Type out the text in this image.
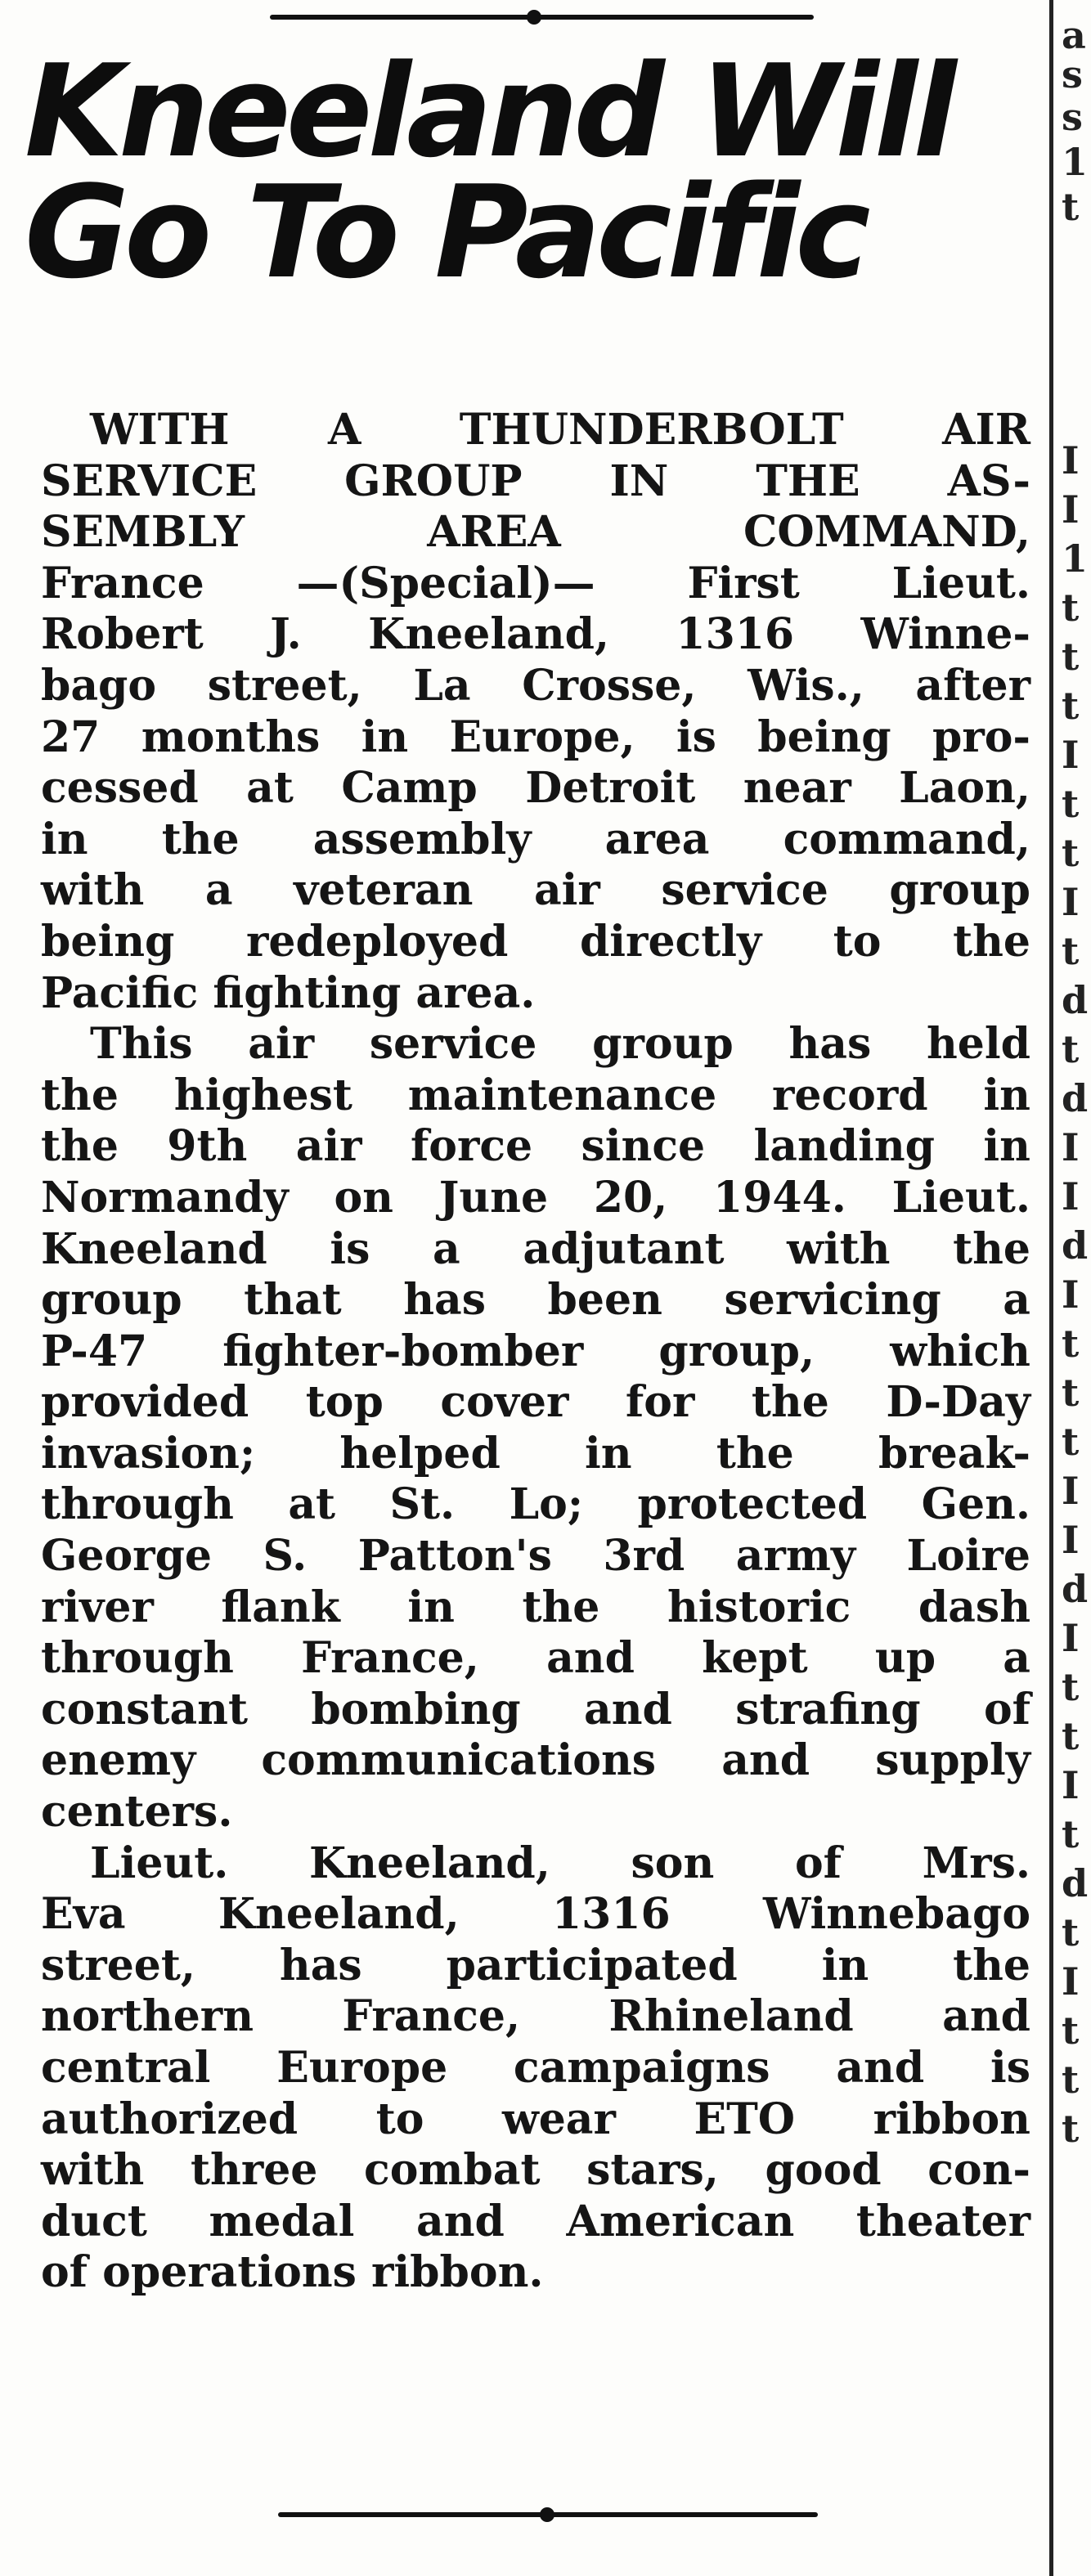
Kneeland Will
Go To Pacific

WITH A THUNDERBOLT AIR
SERVICE GROUP IN THE AS-
SEMBLY AREA COMMAND,
France —(Special)— First Lieut.
Robert J. Kneeland, 1316 Winne-
bago street, La Crosse, Wis., after
27 months in Europe, is being pro-
cessed at Camp Detroit near Laon,
in the assembly area command,
with a veteran air service group
being redeployed directly to the
Pacific fighting area.

This air service group has held
the highest maintenance record in
the 9th air force since landing in
Normandy on June 20, 1944. Lieut.
Kneeland is a adjutant with the
group that has been servicing a
P-47 fighter-bomber group, which
provided top cover for the D-Day
invasion; helped in the break-
through at St. Lo; protected Gen.
George S. Patton's 3rd army Loire
river flank in the historic dash
through France, and kept up a
constant bombing and strafing of
enemy communications and supply
centers.

Lieut. Kneeland, son of Mrs.
Eva Kneeland, 1316 Winnebago
street, has participated in the
northern France, Rhineland and
central Europe campaigns and is
authorized to wear ETO ribbon
with three combat stars, good con-
duct medal and American theater
of operations ribbon.

a
s
s
1
t
I
I
1
t
t
t
I
t
t
I
t
d
t
d
I
I
d
I
t
t
t
I
I
d
I
t
t
I
t
d
t
I
t
t
t
